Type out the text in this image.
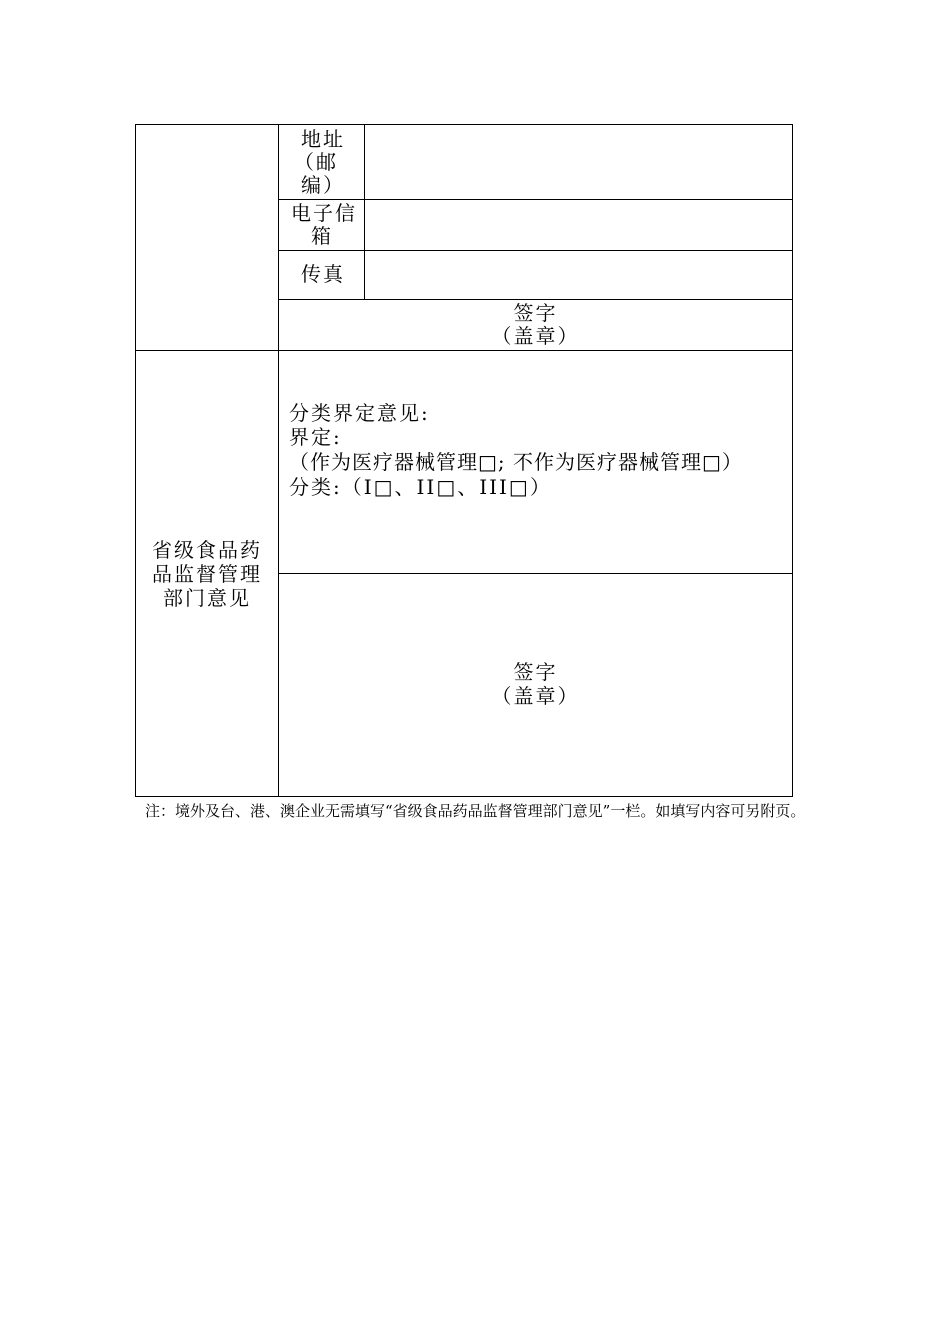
地址
（邮
编）
电子信
箱
传真
签字
（盖章）
省级食品药
品监督管理
部门意见
分类界定意见:
界定:
（作为医疗器械管理□; 不作为医疗器械管理□）
分类:（I□、II□、III□）
签字
（盖章）
注：境外及台、港、澳企业无需填写“省级食品药品监督管理部门意见”一栏。如填写内容可另附页。
